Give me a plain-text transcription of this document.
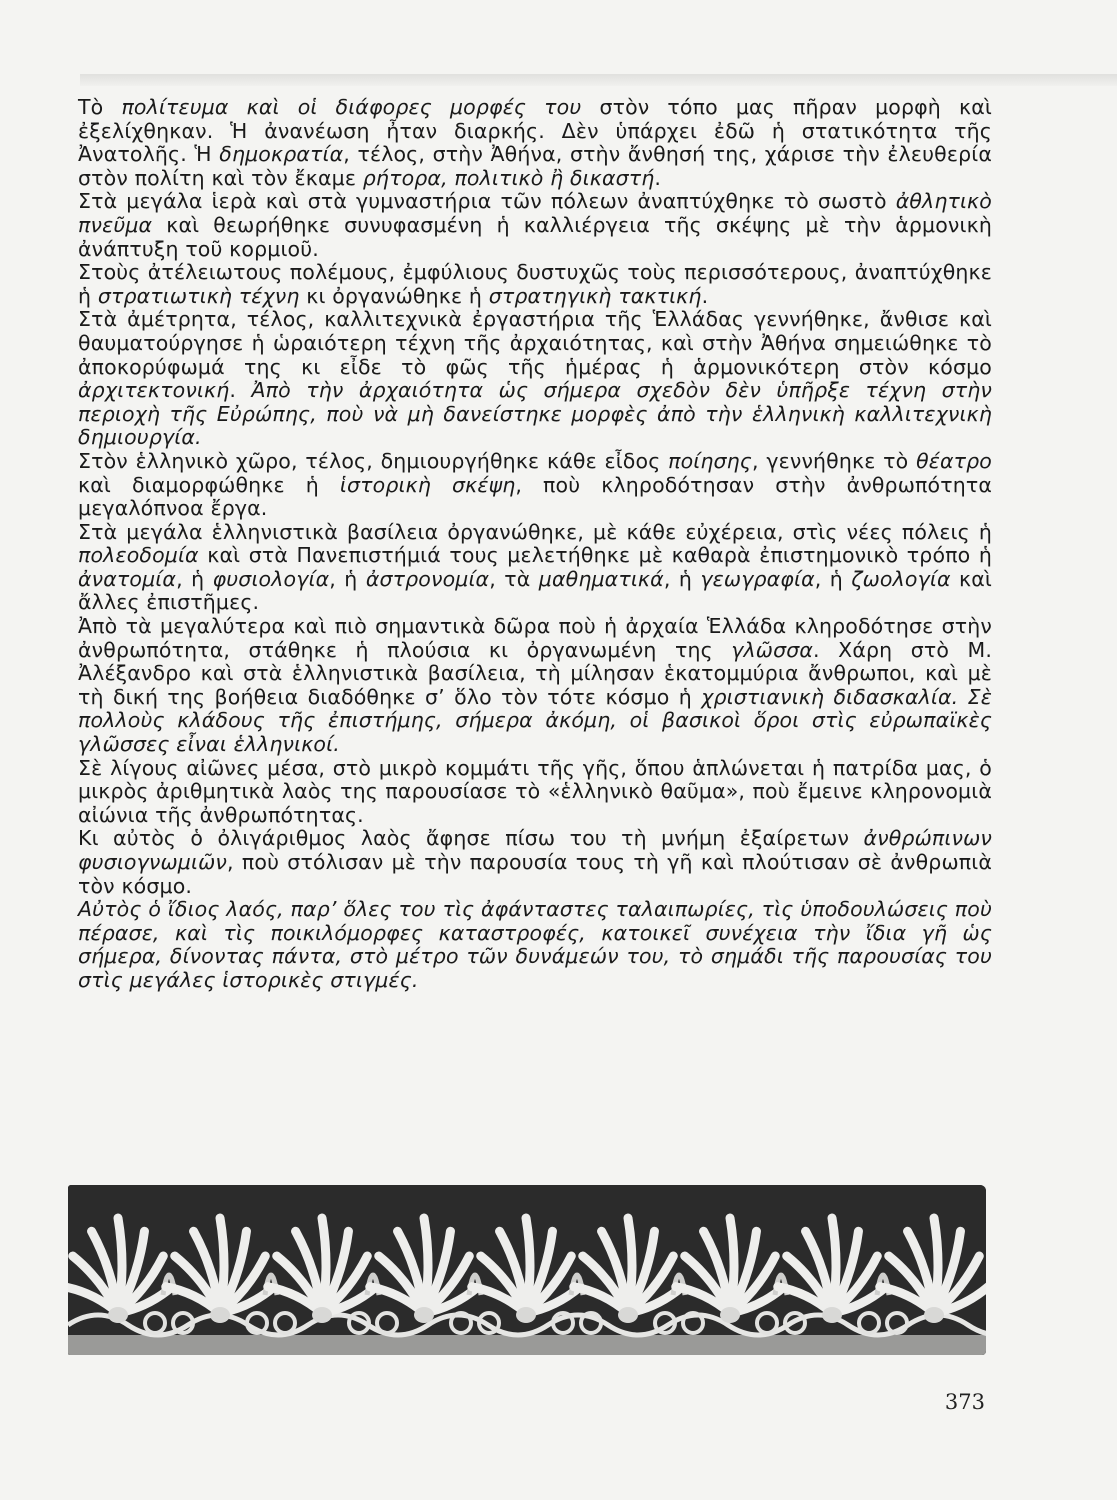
Τὸ πολίτευμα καὶ οἱ διάφορες μορφές του στὸν τόπο μας πῆραν μορφὴ καὶ ἐξελίχθηκαν. Ἡ ἀνανέωση ἦταν διαρκής. Δὲν ὑπάρχει ἐδῶ ἡ στατικότητα τῆς Ἀνατολῆς. Ἡ δημοκρατία, τέλος, στὴν Ἀθήνα, στὴν ἄνθησή της, χάρισε τὴν ἐλευθερία στὸν πολίτη καὶ τὸν ἔκαμε ρήτορα, πολιτικὸ ἢ δικαστή.

Στὰ μεγάλα ἱερὰ καὶ στὰ γυμναστήρια τῶν πόλεων ἀναπτύχθηκε τὸ σωστὸ ἀθλητικὸ πνεῦμα καὶ θεωρήθηκε συνυφασμένη ἡ καλλιέργεια τῆς σκέψης μὲ τὴν ἁρμονικὴ ἀνάπτυξη τοῦ κορμιοῦ.

Στοὺς ἀτέλειωτους πολέμους, ἐμφύλιους δυστυχῶς τοὺς περισσότερους, ἀναπτύχθηκε ἡ στρατιωτικὴ τέχνη κι ὀργανώθηκε ἡ στρατηγικὴ τακτική.

Στὰ ἀμέτρητα, τέλος, καλλιτεχνικὰ ἐργαστήρια τῆς Ἑλλάδας γεννήθηκε, ἄνθισε καὶ θαυματούργησε ἡ ὡραιότερη τέχνη τῆς ἀρχαιότητας, καὶ στὴν Ἀθήνα σημειώθηκε τὸ ἀποκορύφωμά της κι εἶδε τὸ φῶς τῆς ἡμέρας ἡ ἁρμονικότερη στὸν κόσμο ἀρχιτεκτονική. Ἀπὸ τὴν ἀρχαιότητα ὡς σήμερα σχεδὸν δὲν ὑπῆρξε τέχνη στὴν περιοχὴ τῆς Εὐρώπης, ποὺ νὰ μὴ δανείστηκε μορφὲς ἀπὸ τὴν ἑλληνικὴ καλλιτεχνικὴ δημιουργία.

Στὸν ἑλληνικὸ χῶρο, τέλος, δημιουργήθηκε κάθε εἶδος ποίησης, γεννήθηκε τὸ θέατρο καὶ διαμορφώθηκε ἡ ἱστορικὴ σκέψη, ποὺ κληροδότησαν στὴν ἀνθρωπότητα μεγαλόπνοα ἔργα.

Στὰ μεγάλα ἑλληνιστικὰ βασίλεια ὀργανώθηκε, μὲ κάθε εὐχέρεια, στὶς νέες πόλεις ἡ πολεοδομία καὶ στὰ Πανεπιστήμιά τους μελετήθηκε μὲ καθαρὰ ἐπιστημονικὸ τρόπο ἡ ἀνατομία, ἡ φυσιολογία, ἡ ἀστρονομία, τὰ μαθηματικά, ἡ γεωγραφία, ἡ ζωολογία καὶ ἄλλες ἐπιστῆμες.

Ἀπὸ τὰ μεγαλύτερα καὶ πιὸ σημαντικὰ δῶρα ποὺ ἡ ἀρχαία Ἑλλάδα κληροδότησε στὴν ἀνθρωπότητα, στάθηκε ἡ πλούσια κι ὀργανωμένη της γλῶσσα. Χάρη στὸ Μ. Ἀλέξανδρο καὶ στὰ ἑλληνιστικὰ βασίλεια, τὴ μίλησαν ἑκατομμύρια ἄνθρωποι, καὶ μὲ τὴ δική της βοήθεια διαδόθηκε σ’ ὅλο τὸν τότε κόσμο ἡ χριστιανικὴ διδασκαλία. Σὲ πολλοὺς κλάδους τῆς ἐπιστήμης, σήμερα ἀκόμη, οἱ βασικοὶ ὅροι στὶς εὐρωπαϊκὲς γλῶσσες εἶναι ἑλληνικοί.

Σὲ λίγους αἰῶνες μέσα, στὸ μικρὸ κομμάτι τῆς γῆς, ὅπου ἁπλώνεται ἡ πατρίδα μας, ὁ μικρὸς ἀριθμητικὰ λαὸς της παρουσίασε τὸ «ἑλληνικὸ θαῦμα», ποὺ ἔμεινε κληρονομιὰ αἰώνια τῆς ἀνθρωπότητας.

Κι αὐτὸς ὁ ὀλιγάριθμος λαὸς ἄφησε πίσω του τὴ μνήμη ἐξαίρετων ἀνθρώπινων φυσιογνωμιῶν, ποὺ στόλισαν μὲ τὴν παρουσία τους τὴ γῆ καὶ πλούτισαν σὲ ἀνθρωπιὰ τὸν κόσμο.

Αὐτὸς ὁ ἴδιος λαός, παρ’ ὅλες του τὶς ἀφάνταστες ταλαιπωρίες, τὶς ὑποδουλώσεις ποὺ πέρασε, καὶ τὶς ποικιλόμορφες καταστροφές, κατοικεῖ συνέχεια τὴν ἴδια γῆ ὡς σήμερα, δίνοντας πάντα, στὸ μέτρο τῶν δυνάμεών του, τὸ σημάδι τῆς παρουσίας του στὶς μεγάλες ἱστορικὲς στιγμές.

373
